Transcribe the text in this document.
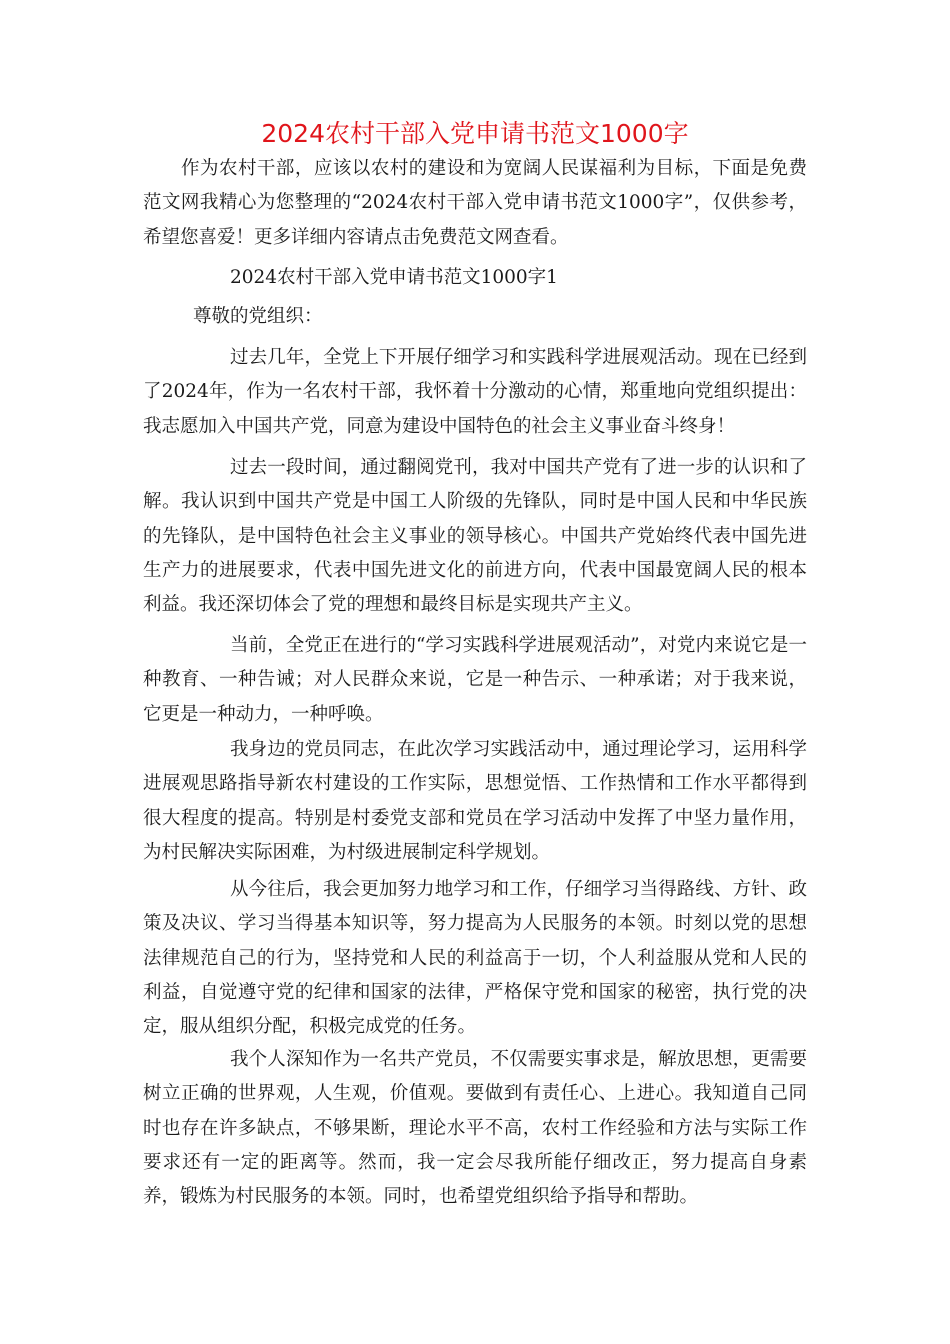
2024农村干部入党申请书范文1000字

作为农村干部，应该以农村的建设和为宽阔人民谋福利为目标，下面是免费范文网我精心为您整理的“2024农村干部入党申请书范文1000字”，仅供参考，希望您喜爱！更多详细内容请点击免费范文网查看。

2024农村干部入党申请书范文1000字1
尊敬的党组织：

过去几年，全党上下开展仔细学习和实践科学进展观活动。现在已经到了2024年，作为一名农村干部，我怀着十分激动的心情，郑重地向党组织提出：我志愿加入中国共产党，同意为建设中国特色的社会主义事业奋斗终身！

过去一段时间，通过翻阅党刊，我对中国共产党有了进一步的认识和了解。我认识到中国共产党是中国工人阶级的先锋队，同时是中国人民和中华民族的先锋队，是中国特色社会主义事业的领导核心。中国共产党始终代表中国先进生产力的进展要求，代表中国先进文化的前进方向，代表中国最宽阔人民的根本利益。我还深切体会了党的理想和最终目标是实现共产主义。

当前，全党正在进行的“学习实践科学进展观活动”，对党内来说它是一种教育、一种告诫；对人民群众来说，它是一种告示、一种承诺；对于我来说，它更是一种动力，一种呼唤。

我身边的党员同志，在此次学习实践活动中，通过理论学习，运用科学进展观思路指导新农村建设的工作实际，思想觉悟、工作热情和工作水平都得到很大程度的提高。特别是村委党支部和党员在学习活动中发挥了中坚力量作用，为村民解决实际困难，为村级进展制定科学规划。

从今往后，我会更加努力地学习和工作，仔细学习当得路线、方针、政策及决议、学习当得基本知识等，努力提高为人民服务的本领。时刻以党的思想法律规范自己的行为，坚持党和人民的利益高于一切，个人利益服从党和人民的利益，自觉遵守党的纪律和国家的法律，严格保守党和国家的秘密，执行党的决定，服从组织分配，积极完成党的任务。

我个人深知作为一名共产党员，不仅需要实事求是，解放思想，更需要树立正确的世界观，人生观，价值观。要做到有责任心、上进心。我知道自己同时也存在许多缺点，不够果断，理论水平不高，农村工作经验和方法与实际工作要求还有一定的距离等。然而，我一定会尽我所能仔细改正，努力提高自身素养，锻炼为村民服务的本领。同时，也希望党组织给予指导和帮助。
